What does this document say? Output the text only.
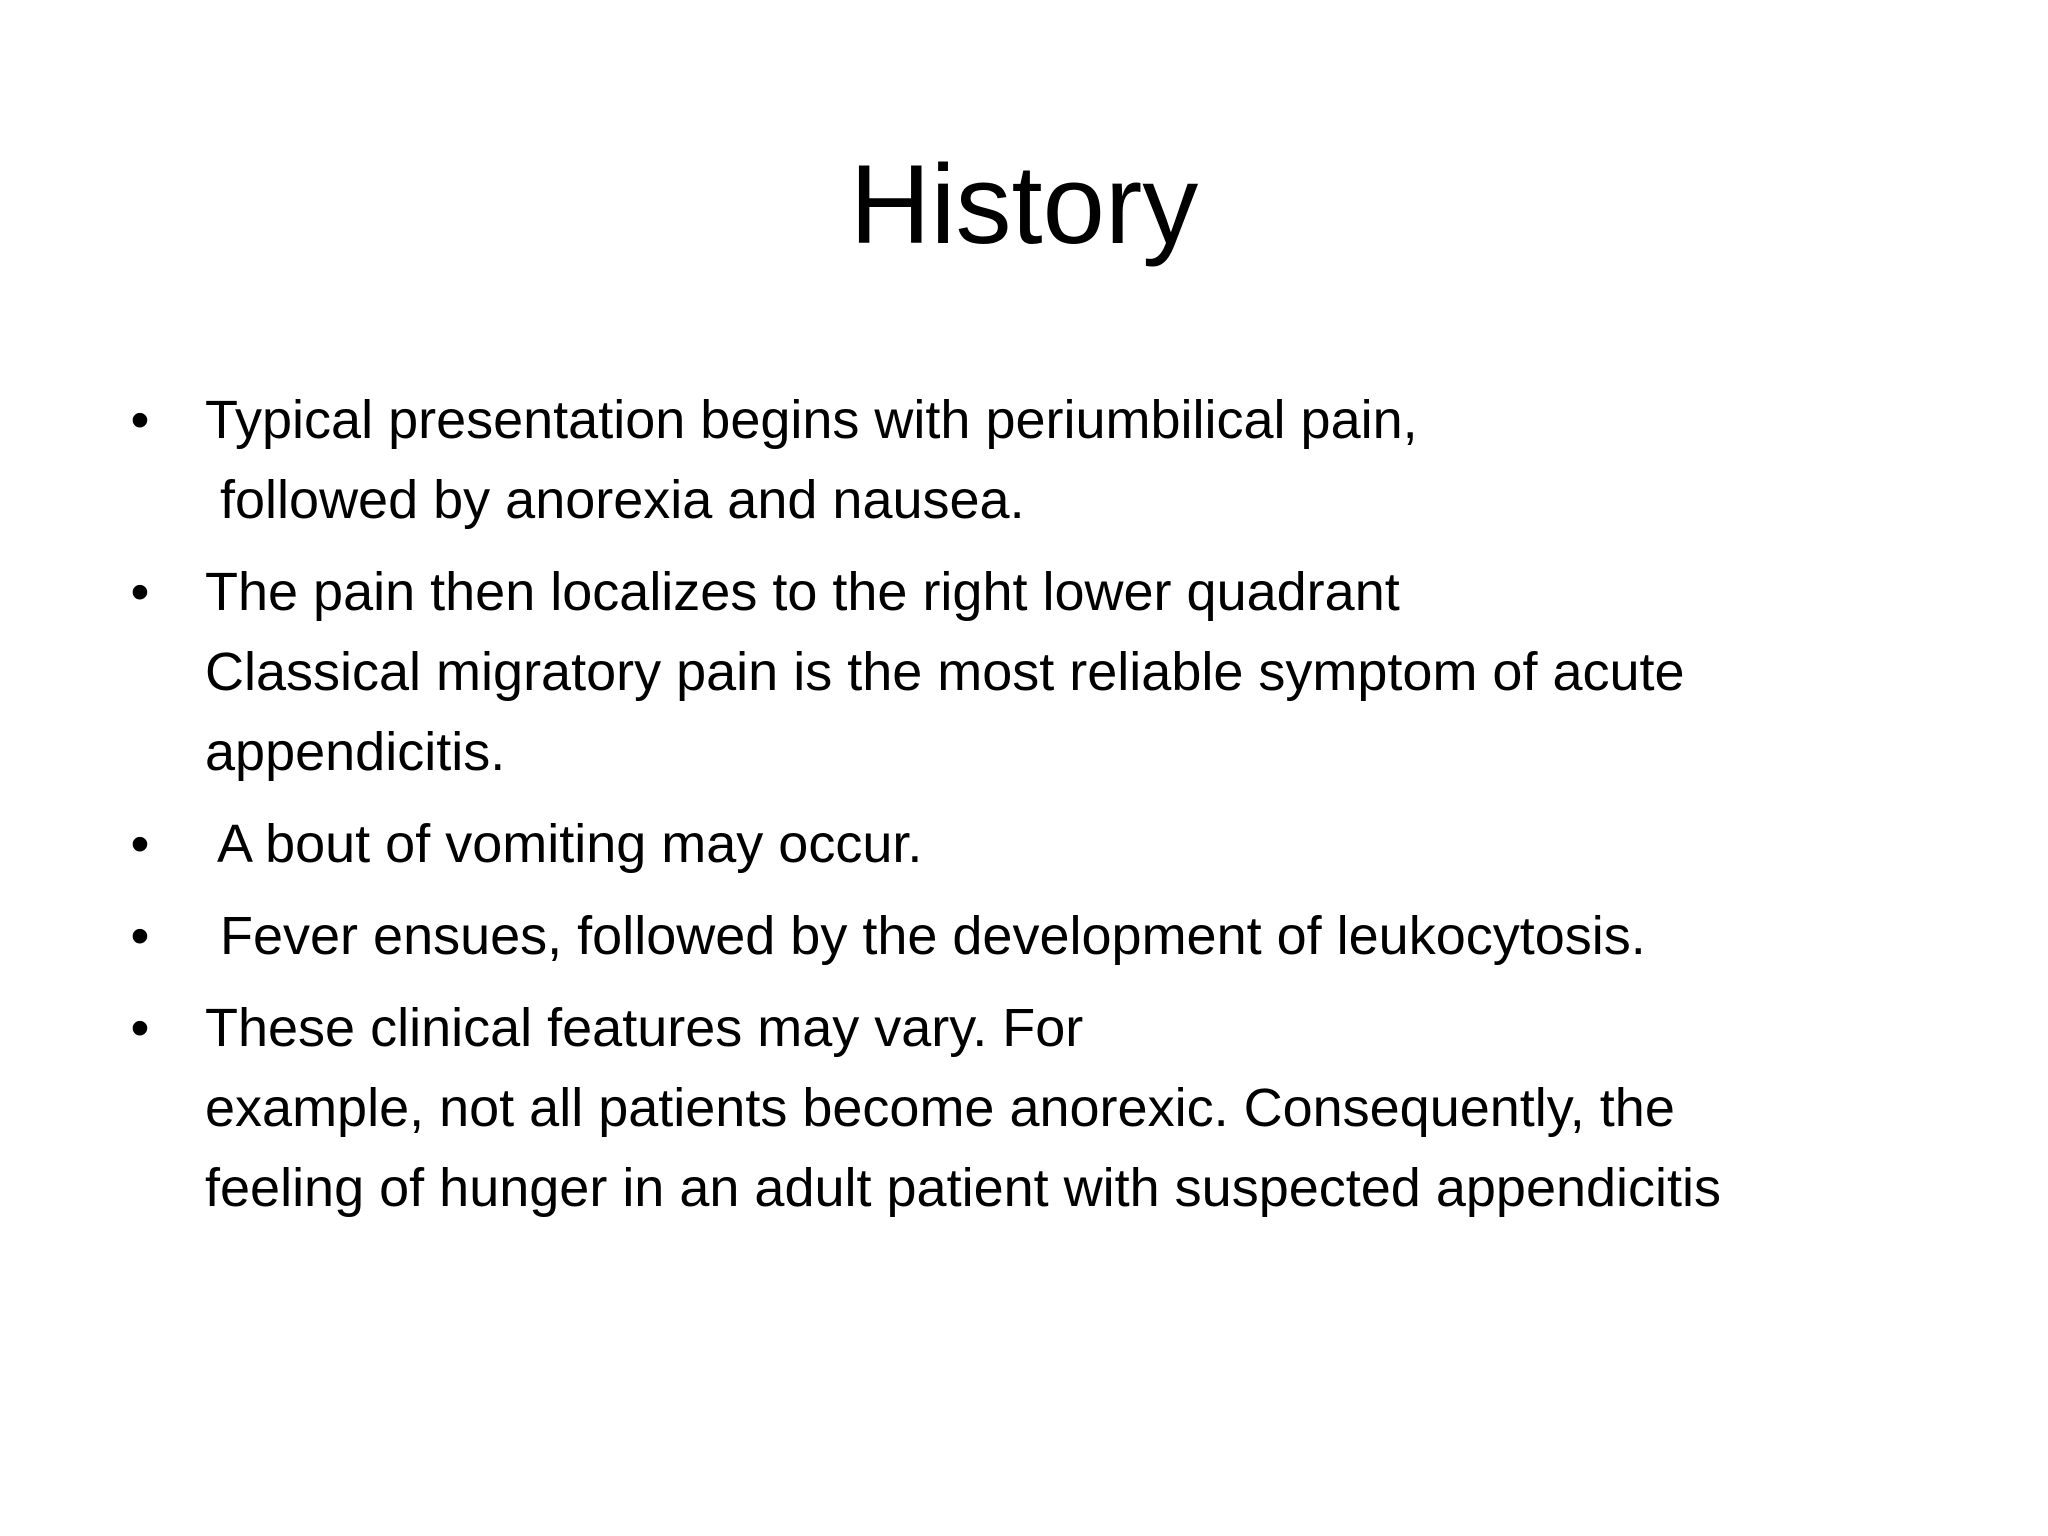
History
• Typical presentation begins with periumbilical pain,
followed by anorexia and nausea.
• The pain then localizes to the right lower quadrant
Classical migratory pain is the most reliable symptom of acute
appendicitis.
• A bout of vomiting may occur.
• Fever ensues, followed by the development of leukocytosis.
• These clinical features may vary. For
example, not all patients become anorexic. Consequently, the
feeling of hunger in an adult patient with suspected appendicitis
